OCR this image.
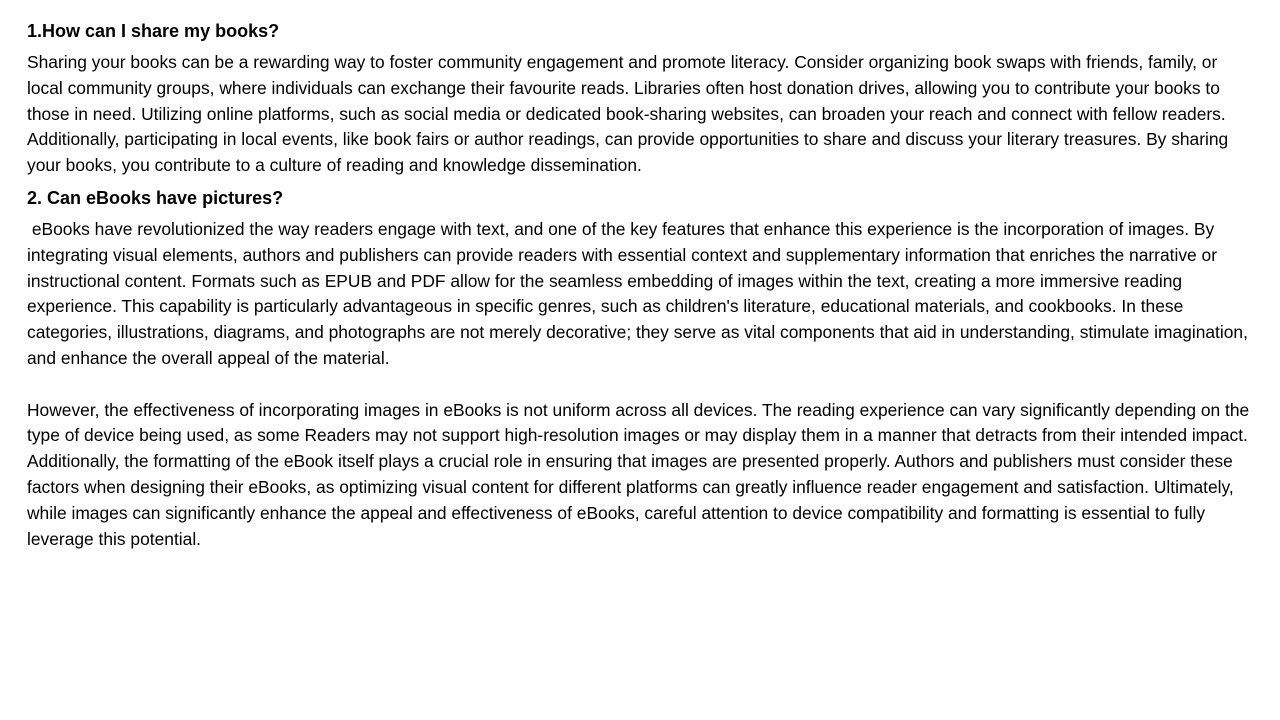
1.How can I share my books?

Sharing your books can be a rewarding way to foster community engagement and promote literacy. Consider organizing book swaps with friends, family, or local community groups, where individuals can exchange their favourite reads. Libraries often host donation drives, allowing you to contribute your books to those in need. Utilizing online platforms, such as social media or dedicated book-sharing websites, can broaden your reach and connect with fellow readers. Additionally, participating in local events, like book fairs or author readings, can provide opportunities to share and discuss your literary treasures. By sharing your books, you contribute to a culture of reading and knowledge dissemination.

2. Can eBooks have pictures?

eBooks have revolutionized the way readers engage with text, and one of the key features that enhance this experience is the incorporation of images. By integrating visual elements, authors and publishers can provide readers with essential context and supplementary information that enriches the narrative or instructional content. Formats such as EPUB and PDF allow for the seamless embedding of images within the text, creating a more immersive reading experience. This capability is particularly advantageous in specific genres, such as children's literature, educational materials, and cookbooks. In these categories, illustrations, diagrams, and photographs are not merely decorative; they serve as vital components that aid in understanding, stimulate imagination, and enhance the overall appeal of the material.

However, the effectiveness of incorporating images in eBooks is not uniform across all devices. The reading experience can vary significantly depending on the type of device being used, as some Readers may not support high-resolution images or may display them in a manner that detracts from their intended impact. Additionally, the formatting of the eBook itself plays a crucial role in ensuring that images are presented properly. Authors and publishers must consider these factors when designing their eBooks, as optimizing visual content for different platforms can greatly influence reader engagement and satisfaction. Ultimately, while images can significantly enhance the appeal and effectiveness of eBooks, careful attention to device compatibility and formatting is essential to fully leverage this potential.
